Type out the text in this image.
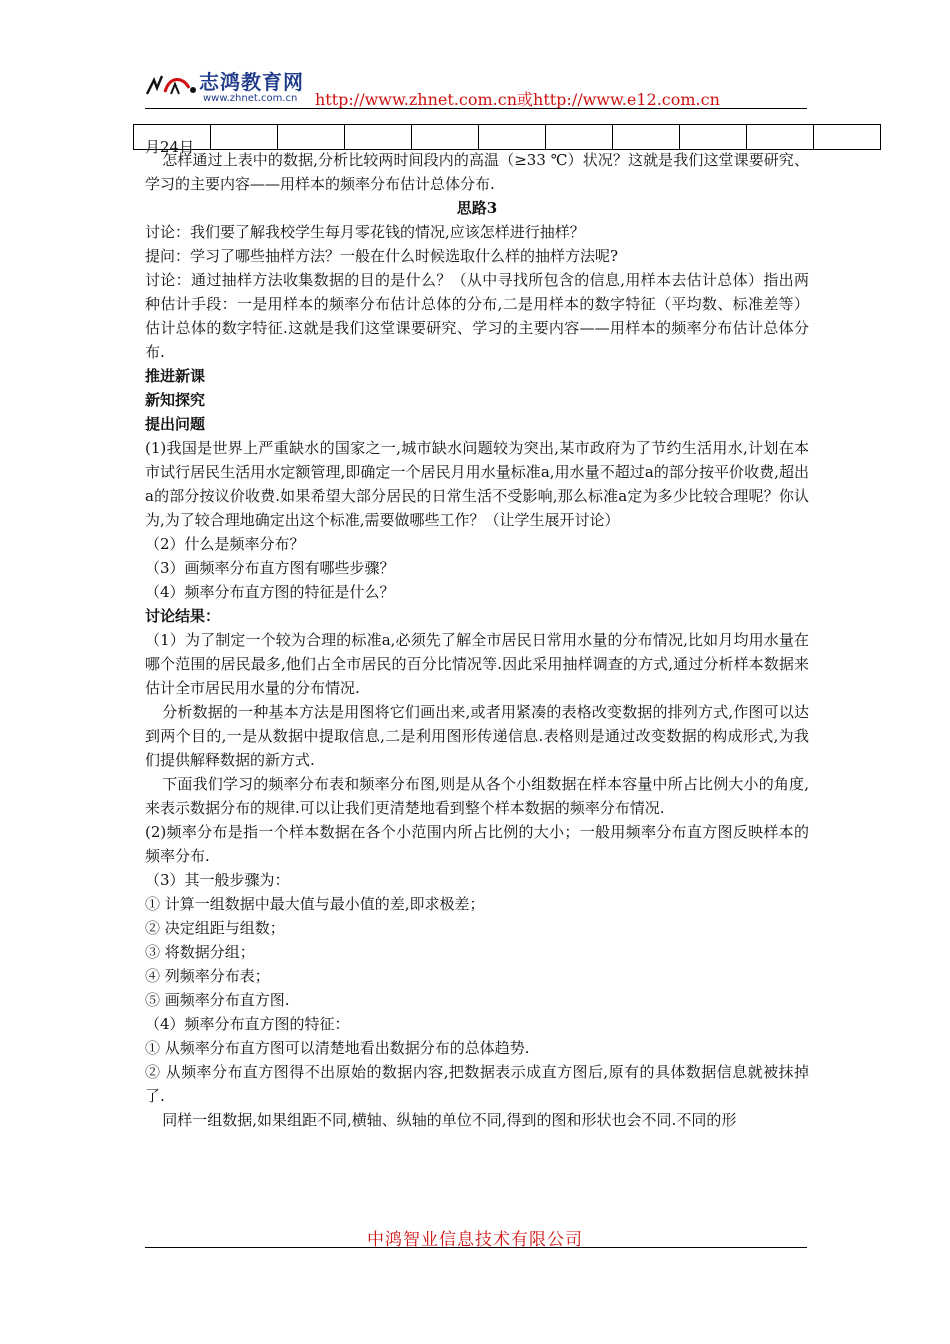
志鸿教育网
www.zhnet.com.cn http://www.zhnet.com.cn或http://www.e12.com.cn

月24日

怎样通过上表中的数据,分析比较两时间段内的高温（≥33 ℃）状况？这就是我们这堂课要研究、学习的主要内容——用样本的频率分布估计总体分布.

思路3

讨论：我们要了解我校学生每月零花钱的情况,应该怎样进行抽样？

提问：学习了哪些抽样方法？一般在什么时候选取什么样的抽样方法呢?

讨论：通过抽样方法收集数据的目的是什么？（从中寻找所包含的信息,用样本去估计总体）指出两种估计手段：一是用样本的频率分布估计总体的分布,二是用样本的数字特征（平均数、标准差等）估计总体的数字特征.这就是我们这堂课要研究、学习的主要内容——用样本的频率分布估计总体分布.

推进新课

新知探究

提出问题

(1)我国是世界上严重缺水的国家之一,城市缺水问题较为突出,某市政府为了节约生活用水,计划在本市试行居民生活用水定额管理,即确定一个居民月用水量标准a,用水量不超过a的部分按平价收费,超出a的部分按议价收费.如果希望大部分居民的日常生活不受影响,那么标准a定为多少比较合理呢？你认为,为了较合理地确定出这个标准,需要做哪些工作？（让学生展开讨论）

（2）什么是频率分布？

（3）画频率分布直方图有哪些步骤？

（4）频率分布直方图的特征是什么？

讨论结果：

（1）为了制定一个较为合理的标准a,必须先了解全市居民日常用水量的分布情况,比如月均用水量在哪个范围的居民最多,他们占全市居民的百分比情况等.因此采用抽样调查的方式,通过分析样本数据来估计全市居民用水量的分布情况.

分析数据的一种基本方法是用图将它们画出来,或者用紧凑的表格改变数据的排列方式,作图可以达到两个目的,一是从数据中提取信息,二是利用图形传递信息.表格则是通过改变数据的构成形式,为我们提供解释数据的新方式.

下面我们学习的频率分布表和频率分布图,则是从各个小组数据在样本容量中所占比例大小的角度,来表示数据分布的规律.可以让我们更清楚地看到整个样本数据的频率分布情况.

(2)频率分布是指一个样本数据在各个小范围内所占比例的大小；一般用频率分布直方图反映样本的频率分布.

（3）其一般步骤为：

① 计算一组数据中最大值与最小值的差,即求极差；

② 决定组距与组数；

③ 将数据分组；

④ 列频率分布表；

⑤ 画频率分布直方图.

（4）频率分布直方图的特征：

① 从频率分布直方图可以清楚地看出数据分布的总体趋势.

② 从频率分布直方图得不出原始的数据内容,把数据表示成直方图后,原有的具体数据信息就被抹掉了.

同样一组数据,如果组距不同,横轴、纵轴的单位不同,得到的图和形状也会不同.不同的形

中鸿智业信息技术有限公司
